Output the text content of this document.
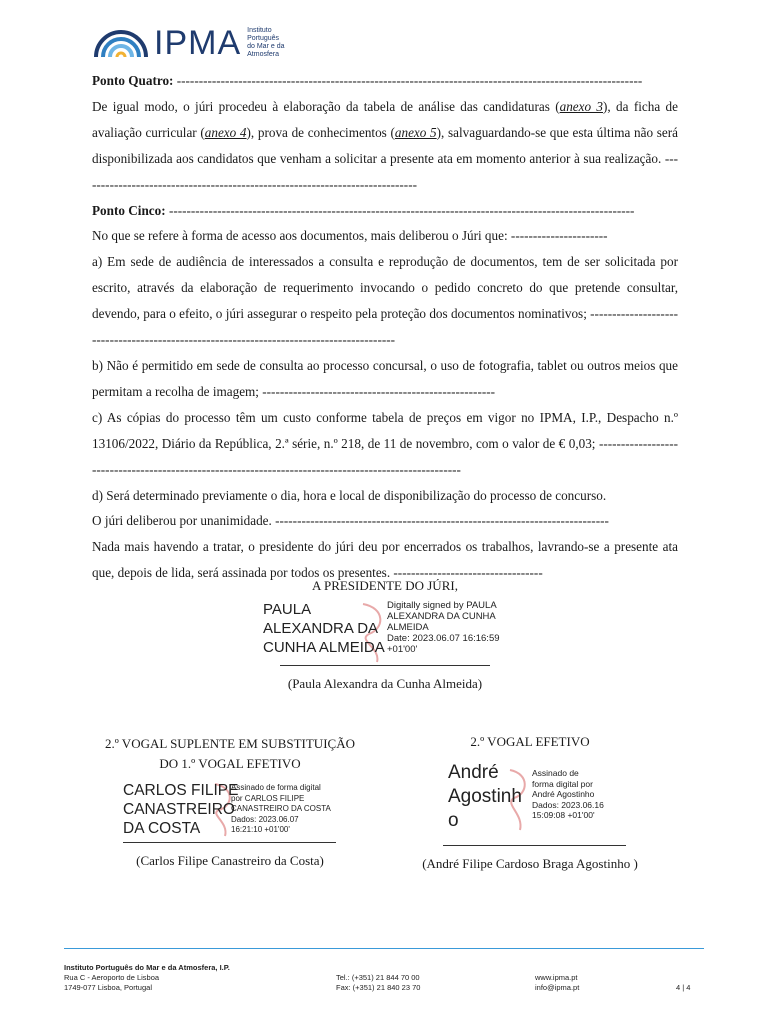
IPMA Instituto
Português
do Mar e da
Atmosfera

Ponto Quatro: ----------------------------------------------------------------------------------------------------------

De igual modo, o júri procedeu à elaboração da tabela de análise das candidaturas (anexo 3), da ficha de avaliação curricular (anexo 4), prova de conhecimentos (anexo 5), salvaguardando-se que esta última não será disponibilizada aos candidatos que venham a solicitar a presente ata em momento anterior à sua realização. -----------------------------------------------------------------------------

Ponto Cinco: ----------------------------------------------------------------------------------------------------------

No que se refere à forma de acesso aos documentos, mais deliberou o Júri que: ----------------------

a) Em sede de audiência de interessados a consulta e reprodução de documentos, tem de ser solicitada por escrito, através da elaboração de requerimento invocando o pedido concreto do que pretende consultar, devendo, para o efeito, o júri assegurar o respeito pela proteção dos documentos nominativos; -----------------------------------------------------------------------------------------

b) Não é permitido em sede de consulta ao processo concursal, o uso de fotografia, tablet ou outros meios que permitam a recolha de imagem; -----------------------------------------------------

c) As cópias do processo têm um custo conforme tabela de preços em vigor no IPMA, I.P., Despacho n.º 13106/2022, Diário da República, 2.ª série, n.º 218, de 11 de novembro, com o valor de € 0,03; ------------------------------------------------------------------------------------------------------

d) Será determinado previamente o dia, hora e local de disponibilização do processo de concurso.

O júri deliberou por unanimidade. ----------------------------------------------------------------------------

Nada mais havendo a tratar, o presidente do júri deu por encerrados os trabalhos, lavrando-se a presente ata que, depois de lida, será assinada por todos os presentes. ----------------------------------

A PRESIDENTE DO JÚRI,
PAULA
ALEXANDRA DA
CUNHA ALMEIDA
Digitally signed by PAULA
ALEXANDRA DA CUNHA
ALMEIDA
Date: 2023.06.07 16:16:59
+01'00'
(Paula Alexandra da Cunha Almeida)
2.º VOGAL SUPLENTE EM SUBSTITUIÇÃO
DO 1.º VOGAL EFETIVO
CARLOS FILIPE
CANASTREIRO
DA COSTA
Assinado de forma digital
por CARLOS FILIPE
CANASTREIRO DA COSTA
Dados: 2023.06.07
16:21:10 +01'00'
(Carlos Filipe Canastreiro da Costa)
2.º VOGAL EFETIVO
André
Agostinh
o
Assinado de
forma digital por
André Agostinho
Dados: 2023.06.16
15:09:08 +01'00'
(André Filipe Cardoso Braga Agostinho )
Instituto Português do Mar e da Atmosfera, I.P.
Rua C - Aeroporto de Lisboa
1749-077 Lisboa, Portugal
Tel.: (+351) 21 844 70 00
Fax: (+351) 21 840 23 70
www.ipma.pt
info@ipma.pt	4 | 4
